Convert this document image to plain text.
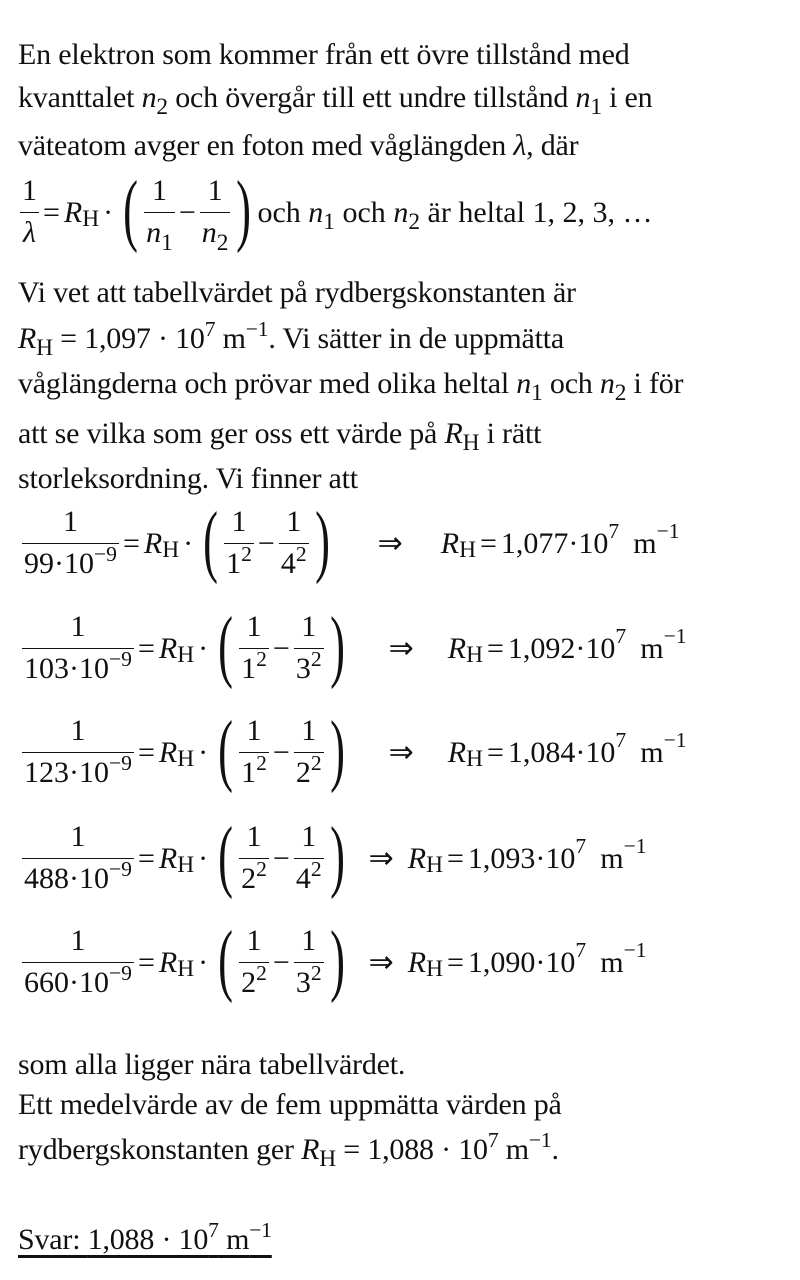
En elektron som kommer från ett övre tillstånd med
kvanttalet $n_2$ och övergår till ett undre tillstånd $n_1$ i en
väteatom avger en foton med våglängden λ, där
$\frac{1}{\lambda} = R$ H · ( $\frac{1}{n_1} - \frac{1}{n_2}$ ) och $n_1$ och $n_2$ är heltal 1, 2, 3, …
Vi vet att tabellvärdet på rydbergskonstanten är
$R_H = 1,097 \cdot 10^7$ $m^{-1}$. Vi sätter in de uppmätta
våglängderna och prövar med olika heltal $n_1$ och $n_2$ i för
att se vilka som ger oss ett värde på $R_H$ i rätt
storleksordning. Vi finner att
$\frac{1}{99\cdot 10^{-9}} = R$ H · ( $\frac{1}{1^2} - \frac{1}{4^2}$ ) ⇒ R H = 1,077 · 10 7 m −1
$\frac{1}{103\cdot 10^{-9}} = R$ H · ( $\frac{1}{1^2} - \frac{1}{3^2}$ ) ⇒ R H = 1,092 · 10 7 m −1
$\frac{1}{123\cdot 10^{-9}} = R$ H · ( $\frac{1}{1^2} - \frac{1}{2^2}$ ) ⇒ R H = 1,084 · 10 7 m −1
$\frac{1}{488\cdot 10^{-9}} = R$ H · ( $\frac{1}{2^2} - \frac{1}{4^2}$ ) ⇒ R H = 1,093 · 10 7 m −1
$\frac{1}{660\cdot 10^{-9}} = R$ H · ( $\frac{1}{2^2} - \frac{1}{3^2}$ ) ⇒ R H = 1,090 · 10 7 m −1
som alla ligger nära tabellvärdet.
Ett medelvärde av de fem uppmätta värden på
rydbergskonstanten ger $R_H = 1,088 \cdot 10^7$ $m^{-1}$.
Svar: $1,088 \cdot 10^7$ $m^{-1}$
